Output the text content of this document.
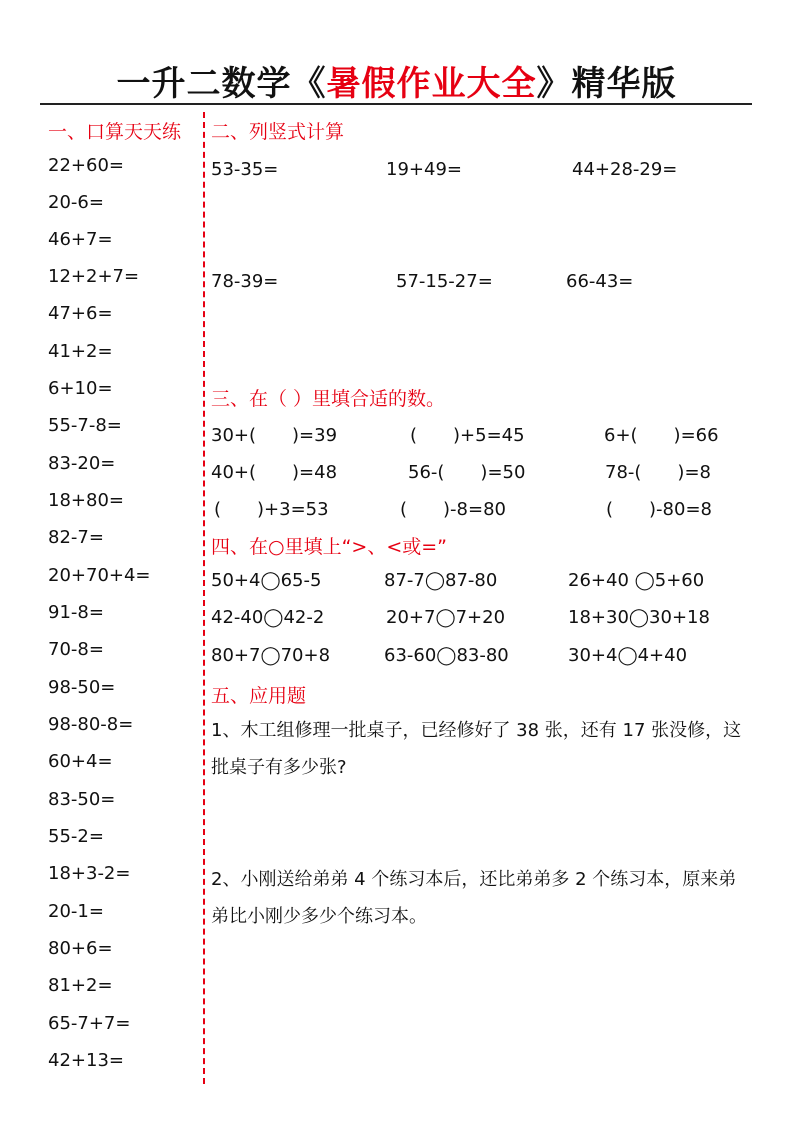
一升二数学《暑假作业大全》精华版
一、口算天天练
22+60=
20-6=
46+7=
12+2+7=
47+6=
41+2=
6+10=
55-7-8=
83-20=
18+80=
82-7=
20+70+4=
91-8=
70-8=
98-50=
98-80-8=
60+4=
83-50=
55-2=
18+3-2=
20-1=
80+6=
81+2=
65-7+7=
42+13=
二、列竖式计算
53-35=	19+49=	44+28-29=
78-39=	57-15-27=	66-43=
三、在（ ）里填合适的数。
30+(　　)=39	(　　)+5=45	6+(　　)=66
40+(　　)=48	56-(　　)=50	78-(　　)=8
(　　)+3=53	(　　)-8=80	(　　)-80=8
四、在○里填上“>、<或=”
50+4◯65-5	87-7◯87-80	26+40 ◯5+60
42-40◯42-2	20+7◯7+20	18+30◯30+18
80+7◯70+8	63-60◯83-80	30+4◯4+40
五、应用题
1、木工组修理一批桌子，已经修好了 38 张，还有 17 张没修，这批桌子有多少张?
2、小刚送给弟弟 4 个练习本后，还比弟弟多 2 个练习本，原来弟弟比小刚少多少个练习本。
